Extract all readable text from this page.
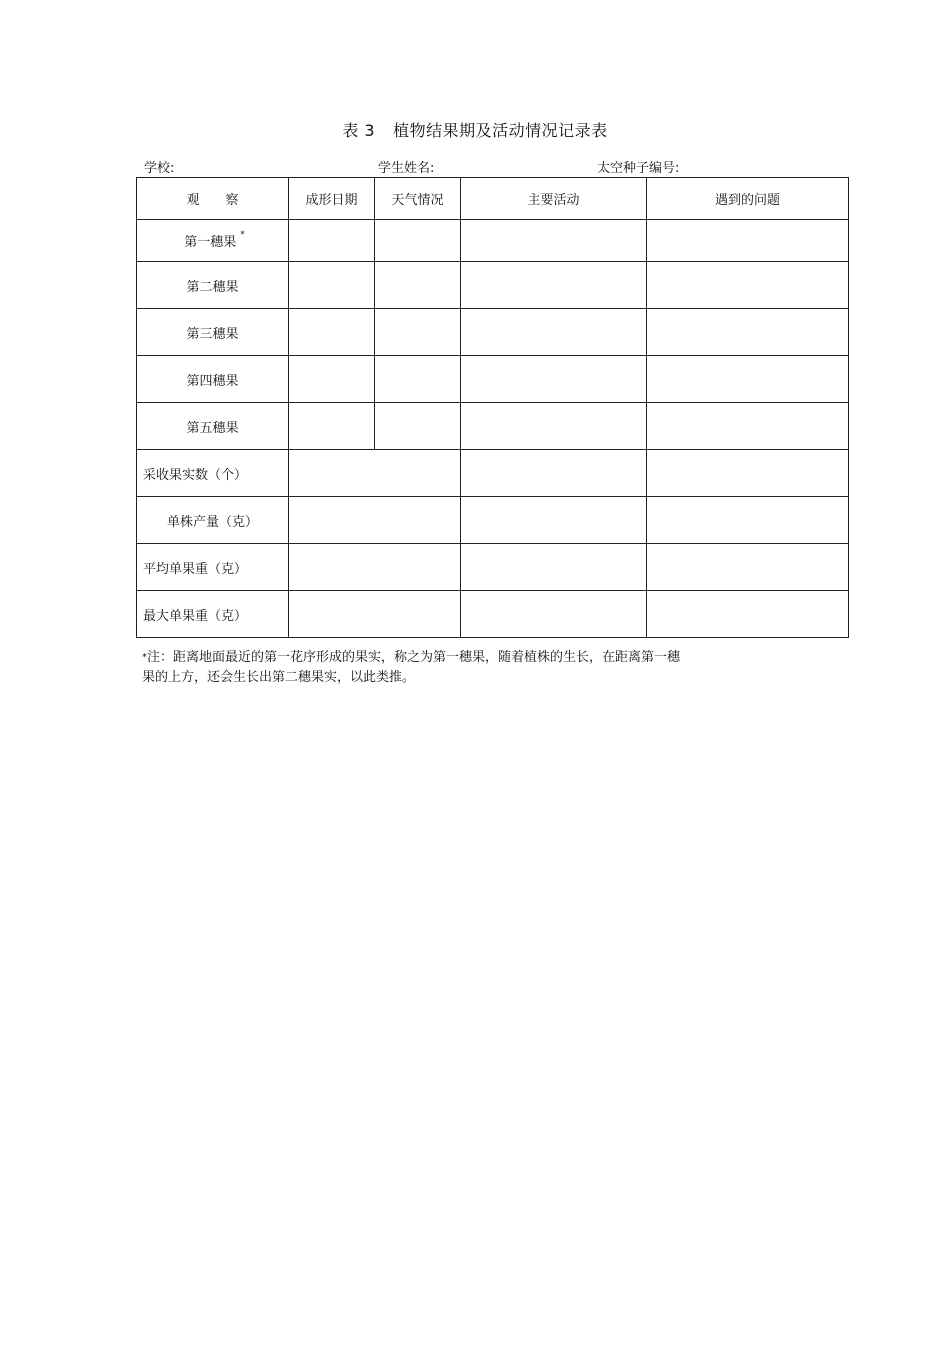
表 3 植物结果期及活动情况记录表
学校:	学生姓名:	太空种子编号:
观　　察	成形日期	天气情况	主要活动	遇到的问题
第一穗果 *				
第二穗果				
第三穗果				
第四穗果				
第五穗果				
采收果实数（个）				
单株产量（克）				
平均单果重（克）				
最大单果重（克）				
*注：距离地面最近的第一花序形成的果实，称之为第一穗果，随着植株的生长，在距离第一穗
果的上方，还会生长出第二穗果实，以此类推。
